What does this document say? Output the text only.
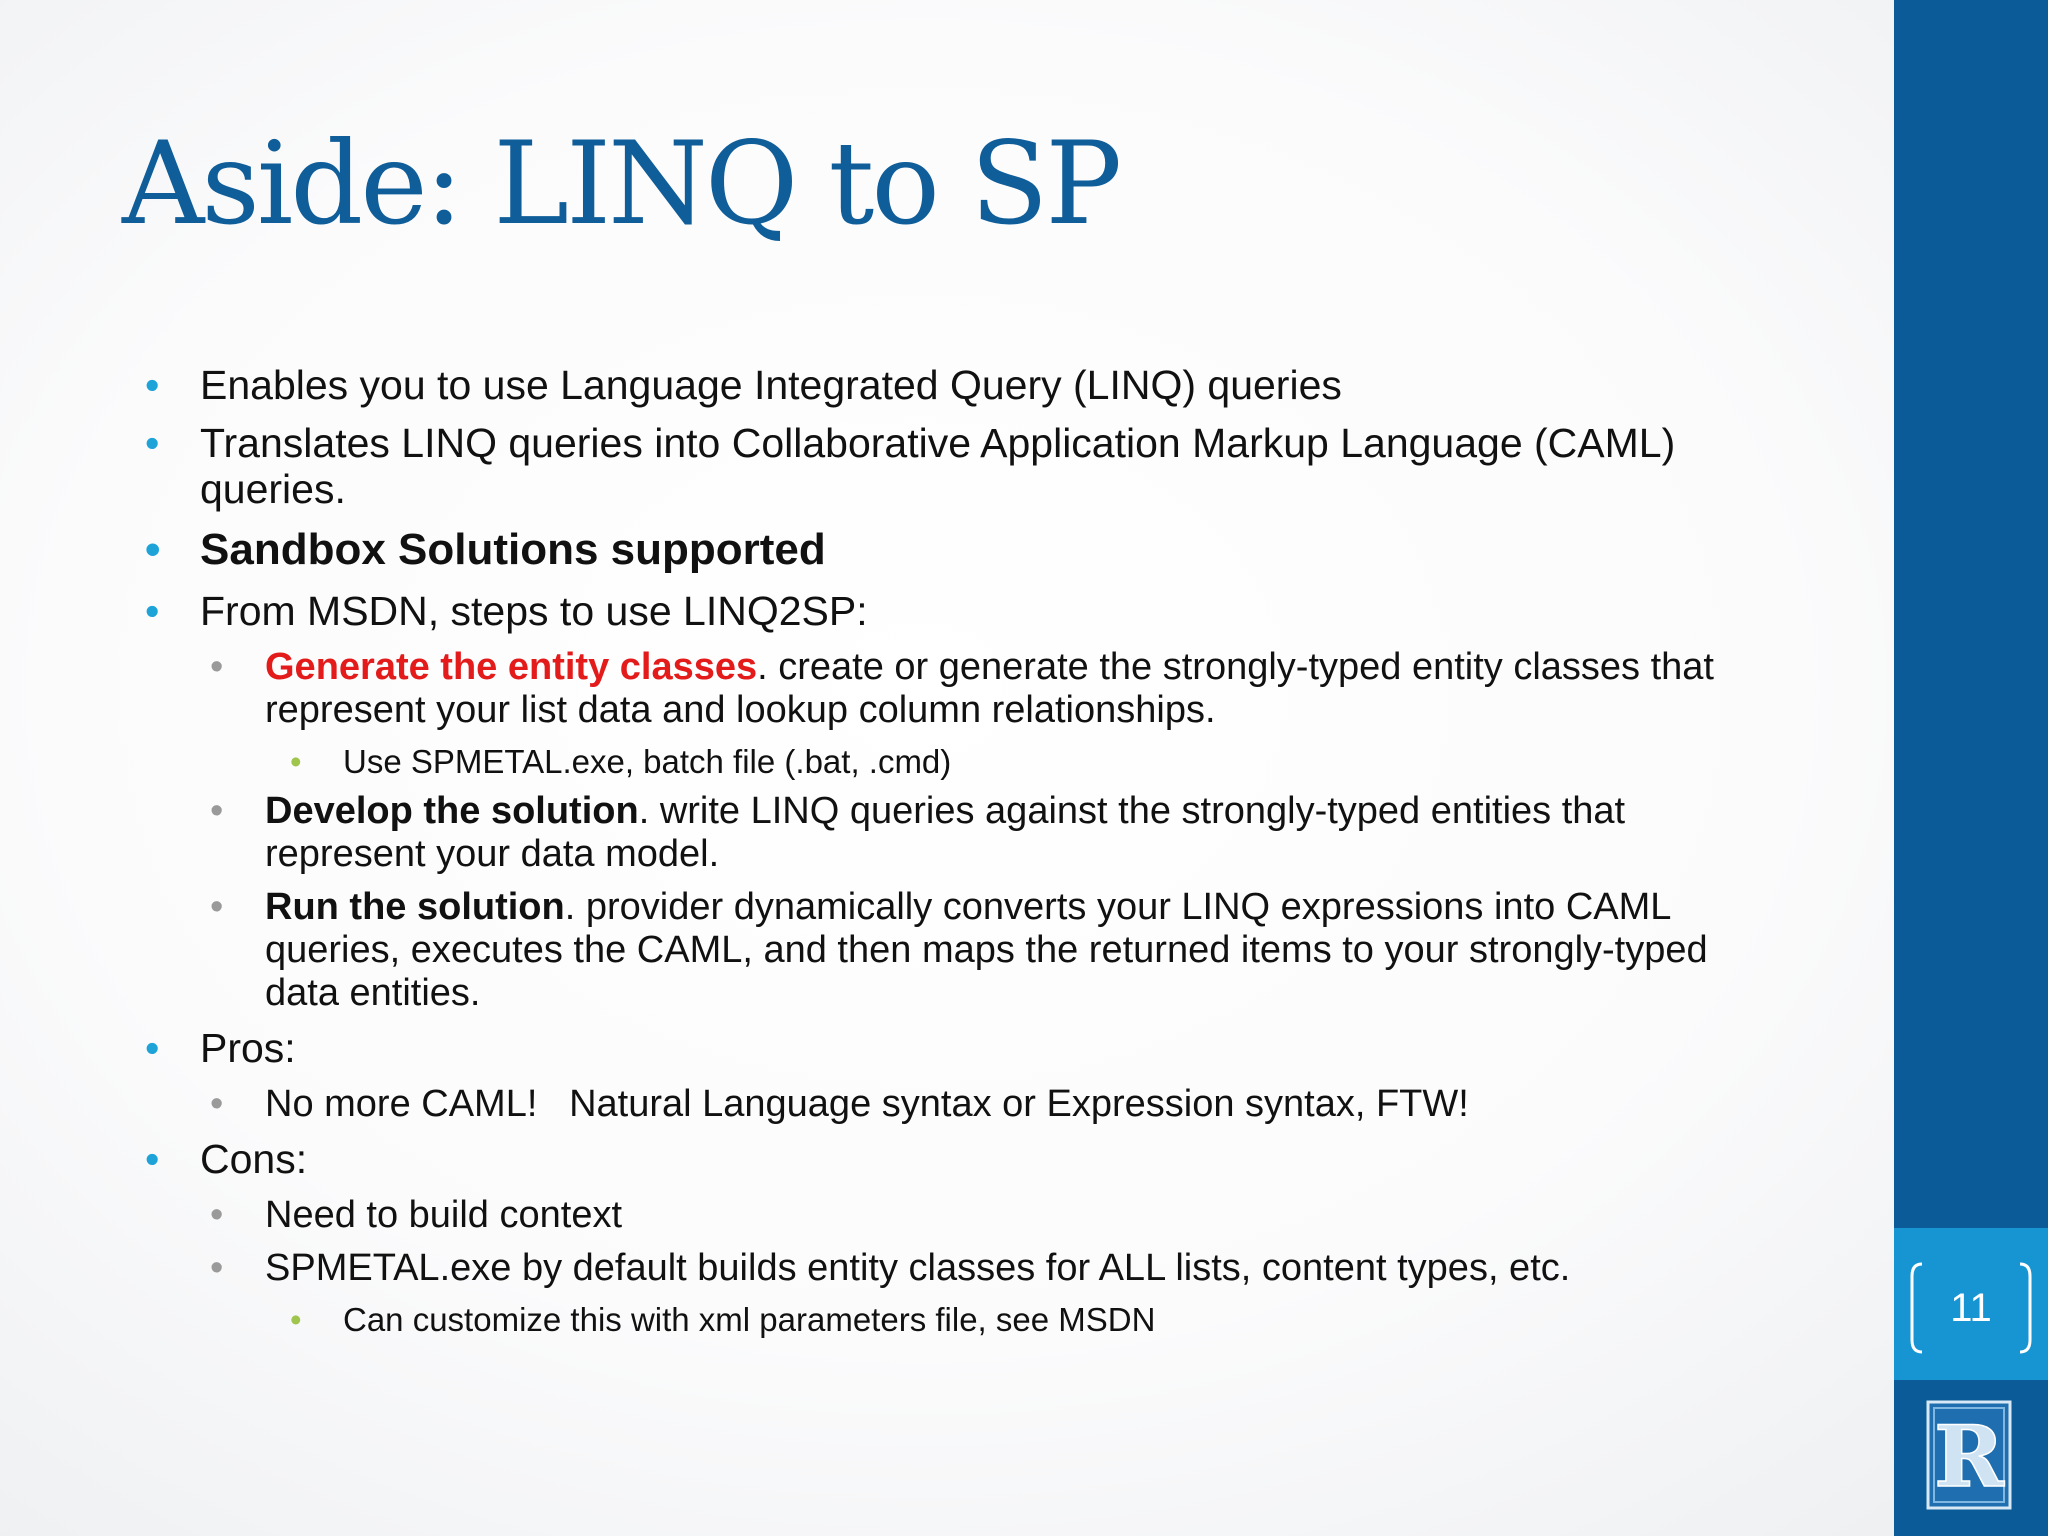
Aside: LINQ to SP
• Enables you to use Language Integrated Query (LINQ) queries
• Translates LINQ queries into Collaborative Application Markup Language (CAML) queries.
• Sandbox Solutions supported
• From MSDN, steps to use LINQ2SP:
• Generate the entity classes. create or generate the strongly-typed entity classes that represent your list data and lookup column relationships.
• Use SPMETAL.exe, batch file (.bat, .cmd)
• Develop the solution. write LINQ queries against the strongly-typed entities that represent your data model.
• Run the solution. provider dynamically converts your LINQ expressions into CAML queries, executes the CAML, and then maps the returned items to your strongly-typed data entities.
• Pros:
• No more CAML!   Natural Language syntax or Expression syntax, FTW!
• Cons:
• Need to build context
• SPMETAL.exe by default builds entity classes for ALL lists, content types, etc.
• Can customize this with xml parameters file, see MSDN	11
R
